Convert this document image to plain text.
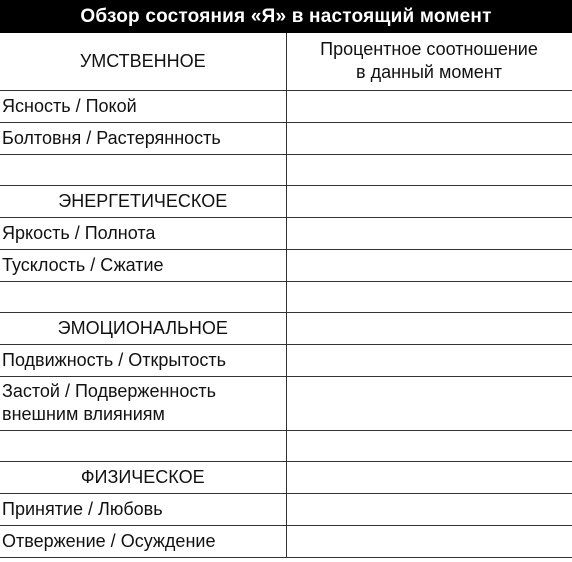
Обзор состояния «Я» в настоящий момент
УМСТВЕННОЕ	Процентное соотношение
в данный момент

Ясность / Покой	

Болтовня / Растерянность	

ЭНЕРГЕТИЧЕСКОЕ	

Яркость / Полнота	

Тусклость / Сжатие	

ЭМОЦИОНАЛЬНОЕ	

Подвижность / Открытость	

Застой / Подверженность
внешним влияниям	

ФИЗИЧЕСКОЕ	

Принятие / Любовь	

Отвержение / Осуждение	
